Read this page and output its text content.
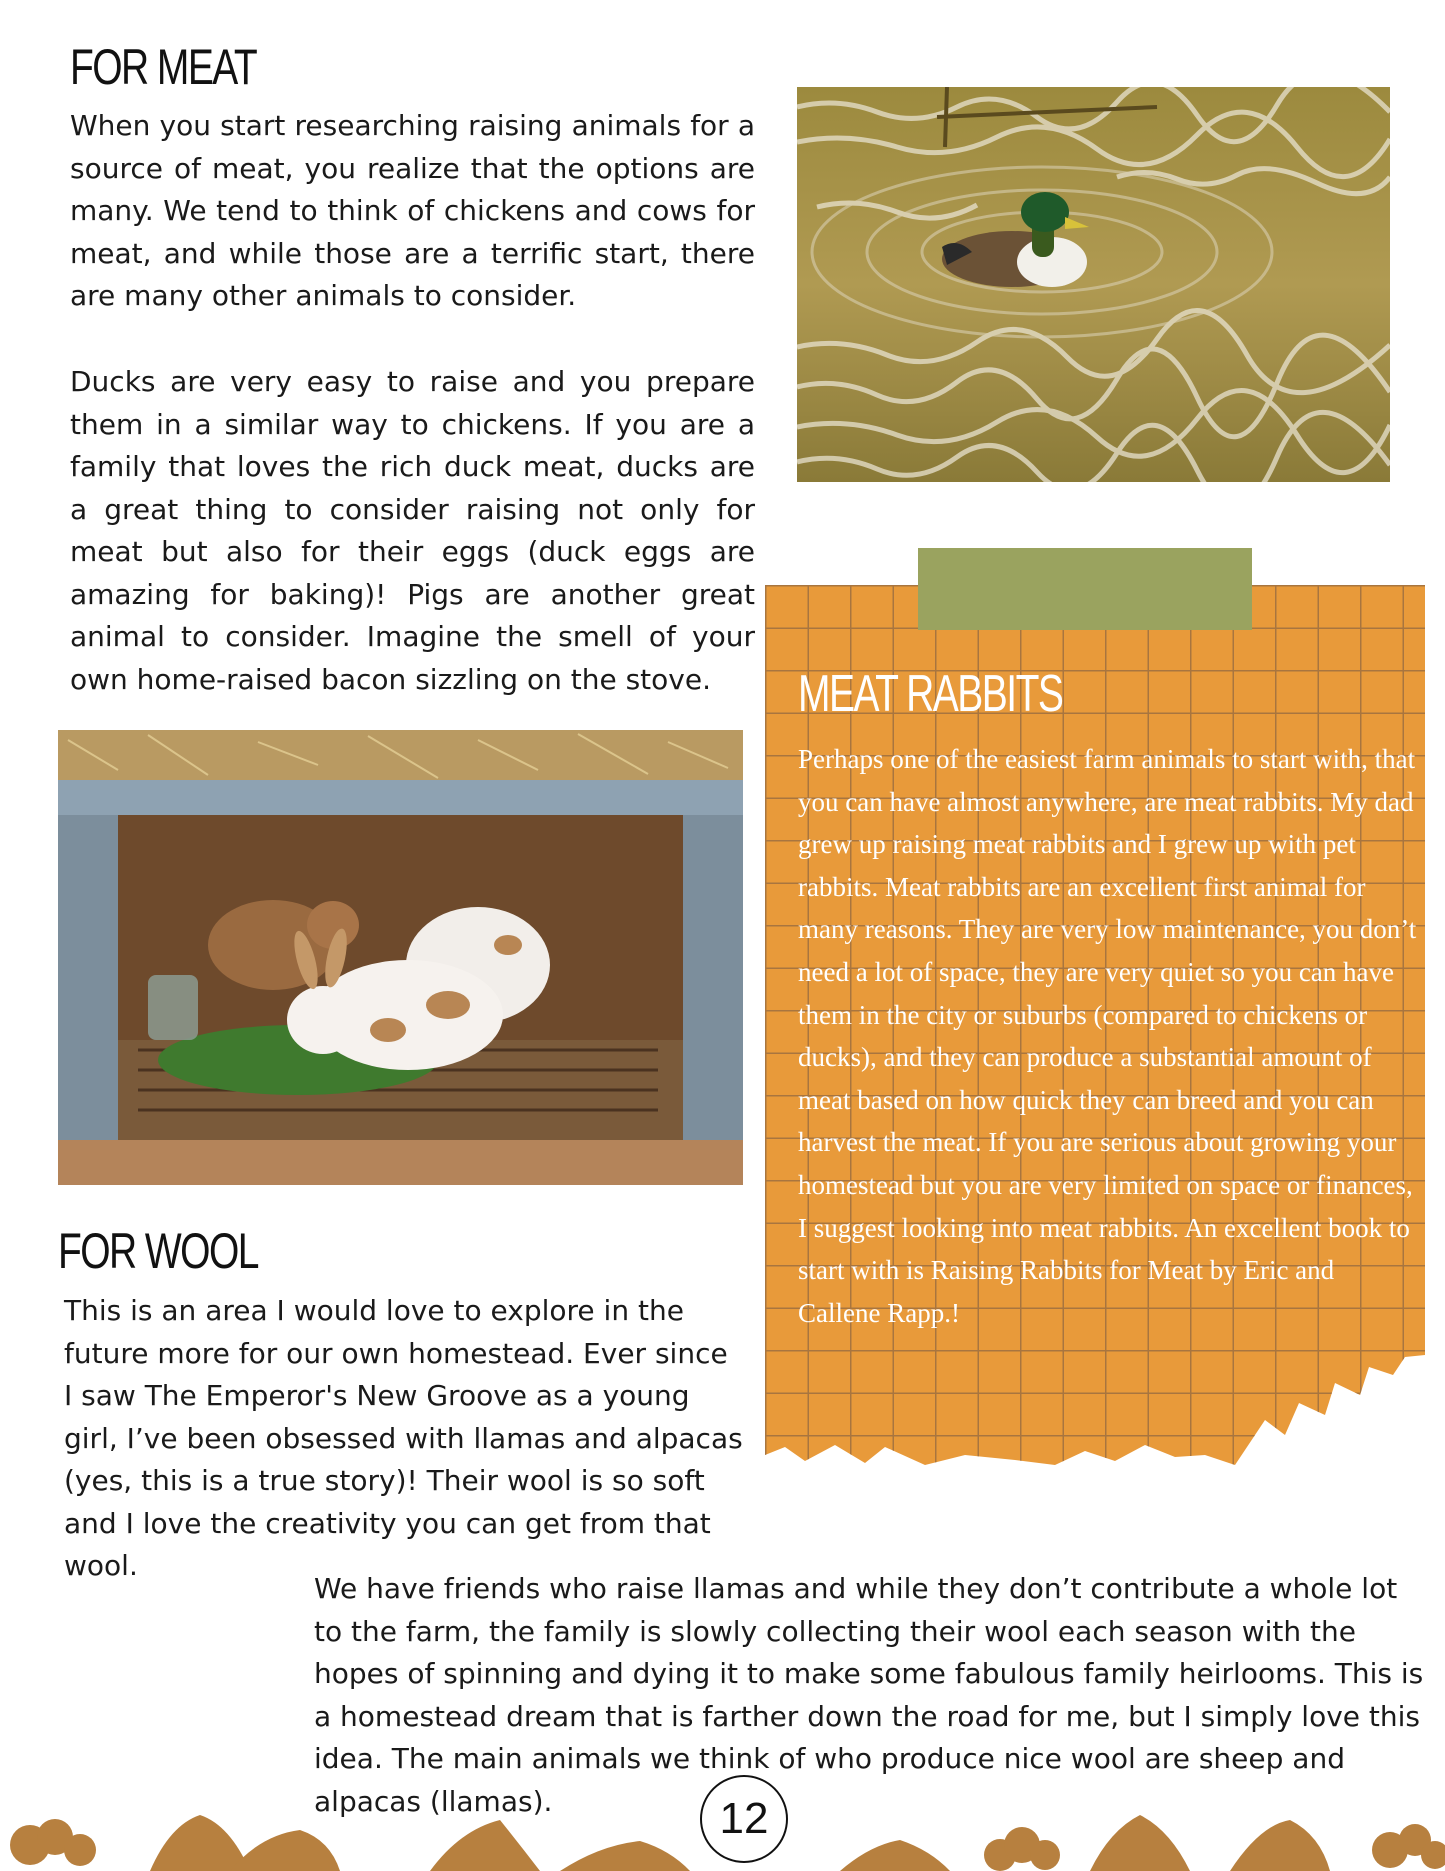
FOR MEAT

When you start researching raising animals for a source of meat, you realize that the options are many. We tend to think of chickens and cows for meat, and while those are a terrific start, there are many other animals to consider.

Ducks are very easy to raise and you prepare them in a similar way to chickens. If you are a family that loves the rich duck meat, ducks are a great thing to consider raising not only for meat but also for their eggs (duck eggs are amazing for baking)! Pigs are another great animal to consider. Imagine the smell of your own home-raised bacon sizzling on the stove.

FOR WOOL

This is an area I would love to explore in the future more for our own homestead. Ever since I saw The Emperor's New Groove as a young girl, I’ve been obsessed with llamas and alpacas (yes, this is a true story)! Their wool is so soft and I love the creativity you can get from that wool.

We have friends who raise llamas and while they don’t contribute a whole lot to the farm, the family is slowly collecting their wool each season with the hopes of spinning and dying it to make some fabulous family heirlooms. This is a homestead dream that is farther down the road for me, but I simply love this idea. The main animals we think of who produce nice wool are sheep and alpacas (llamas).

MEAT RABBITS

Perhaps one of the easiest farm animals to start with, that you can have almost anywhere, are meat rabbits. My dad grew up raising meat rabbits and I grew up with pet rabbits. Meat rabbits are an excellent first animal for many reasons. They are very low maintenance, you don’t need a lot of space, they are very quiet so you can have them in the city or suburbs (compared to chickens or ducks), and they can produce a substantial amount of meat based on how quick they can breed and you can harvest the meat. If you are serious about growing your homestead but you are very limited on space or finances, I suggest looking into meat rabbits. An excellent book to start with is Raising Rabbits for Meat by Eric and Callene Rapp.!

12
